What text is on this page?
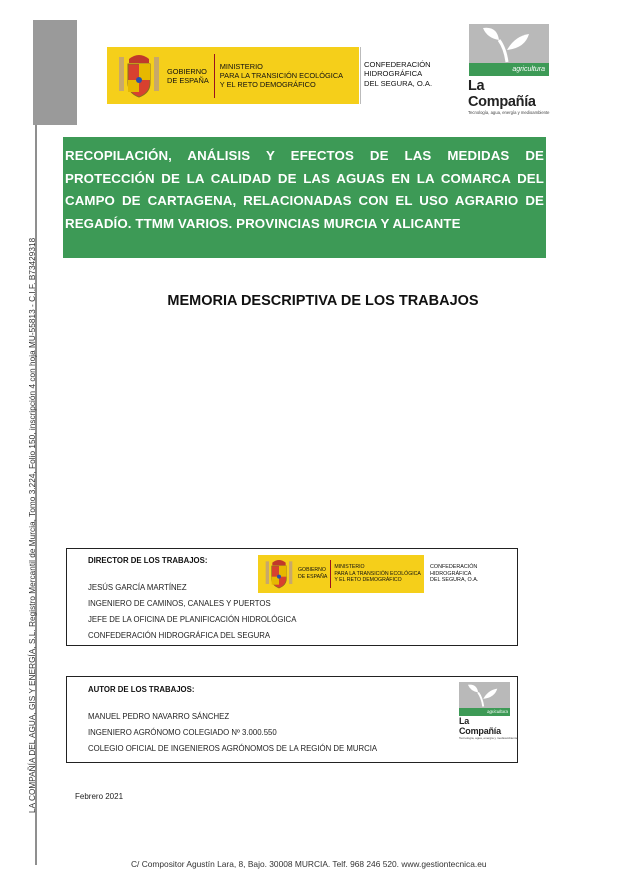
LA COMPAÑÍA DEL AGUA, GIS Y ENERGÍA, S.L. Registro Mercantil de Murcia, Tomo 3.224, Folio 150, inscripción 4 con hoja MU-55813 - C.I.F. B73429318
GOBIERNO
DE ESPAÑA
MINISTERIO
PARA LA TRANSICIÓN ECOLÓGICA
Y EL RETO DEMOGRÁFICO
CONFEDERACIÓN
HIDROGRÁFICA
DEL SEGURA, O.A.
agricultura
La Compañía
Tecnología, agua, energía y medioambiente
RECOPILACIÓN, ANÁLISIS Y EFECTOS DE LAS MEDIDAS DE PROTECCIÓN DE LA CALIDAD DE LAS AGUAS EN LA COMARCA DEL CAMPO DE CARTAGENA, RELACIONADAS CON EL USO AGRARIO DE REGADÍO. TTMM VARIOS. PROVINCIAS MURCIA Y ALICANTE
MEMORIA DESCRIPTIVA DE LOS TRABAJOS
DIRECTOR DE LOS TRABAJOS:
JESÚS GARCÍA MARTÍNEZ
INGENIERO DE CAMINOS, CANALES Y PUERTOS
JEFE DE LA OFICINA DE PLANIFICACIÓN HIDROLÓGICA
CONFEDERACIÓN HIDROGRÁFICA DEL SEGURA
GOBIERNO
DE ESPAÑA
MINISTERIO
PARA LA TRANSICIÓN ECOLÓGICA
Y EL RETO DEMOGRÁFICO
CONFEDERACIÓN
HIDROGRÁFICA
DEL SEGURA, O.A.
AUTOR DE LOS TRABAJOS:
MANUEL PEDRO NAVARRO SÁNCHEZ
INGENIERO AGRÓNOMO COLEGIADO Nº 3.000.550
COLEGIO OFICIAL DE INGENIEROS AGRÓNOMOS DE LA REGIÓN DE MURCIA
agricultura
La Compañía
Tecnología, agua, energía y medioambiente
Febrero 2021
C/ Compositor Agustín Lara, 8, Bajo. 30008 MURCIA. Telf. 968 246 520. www.gestiontecnica.eu
